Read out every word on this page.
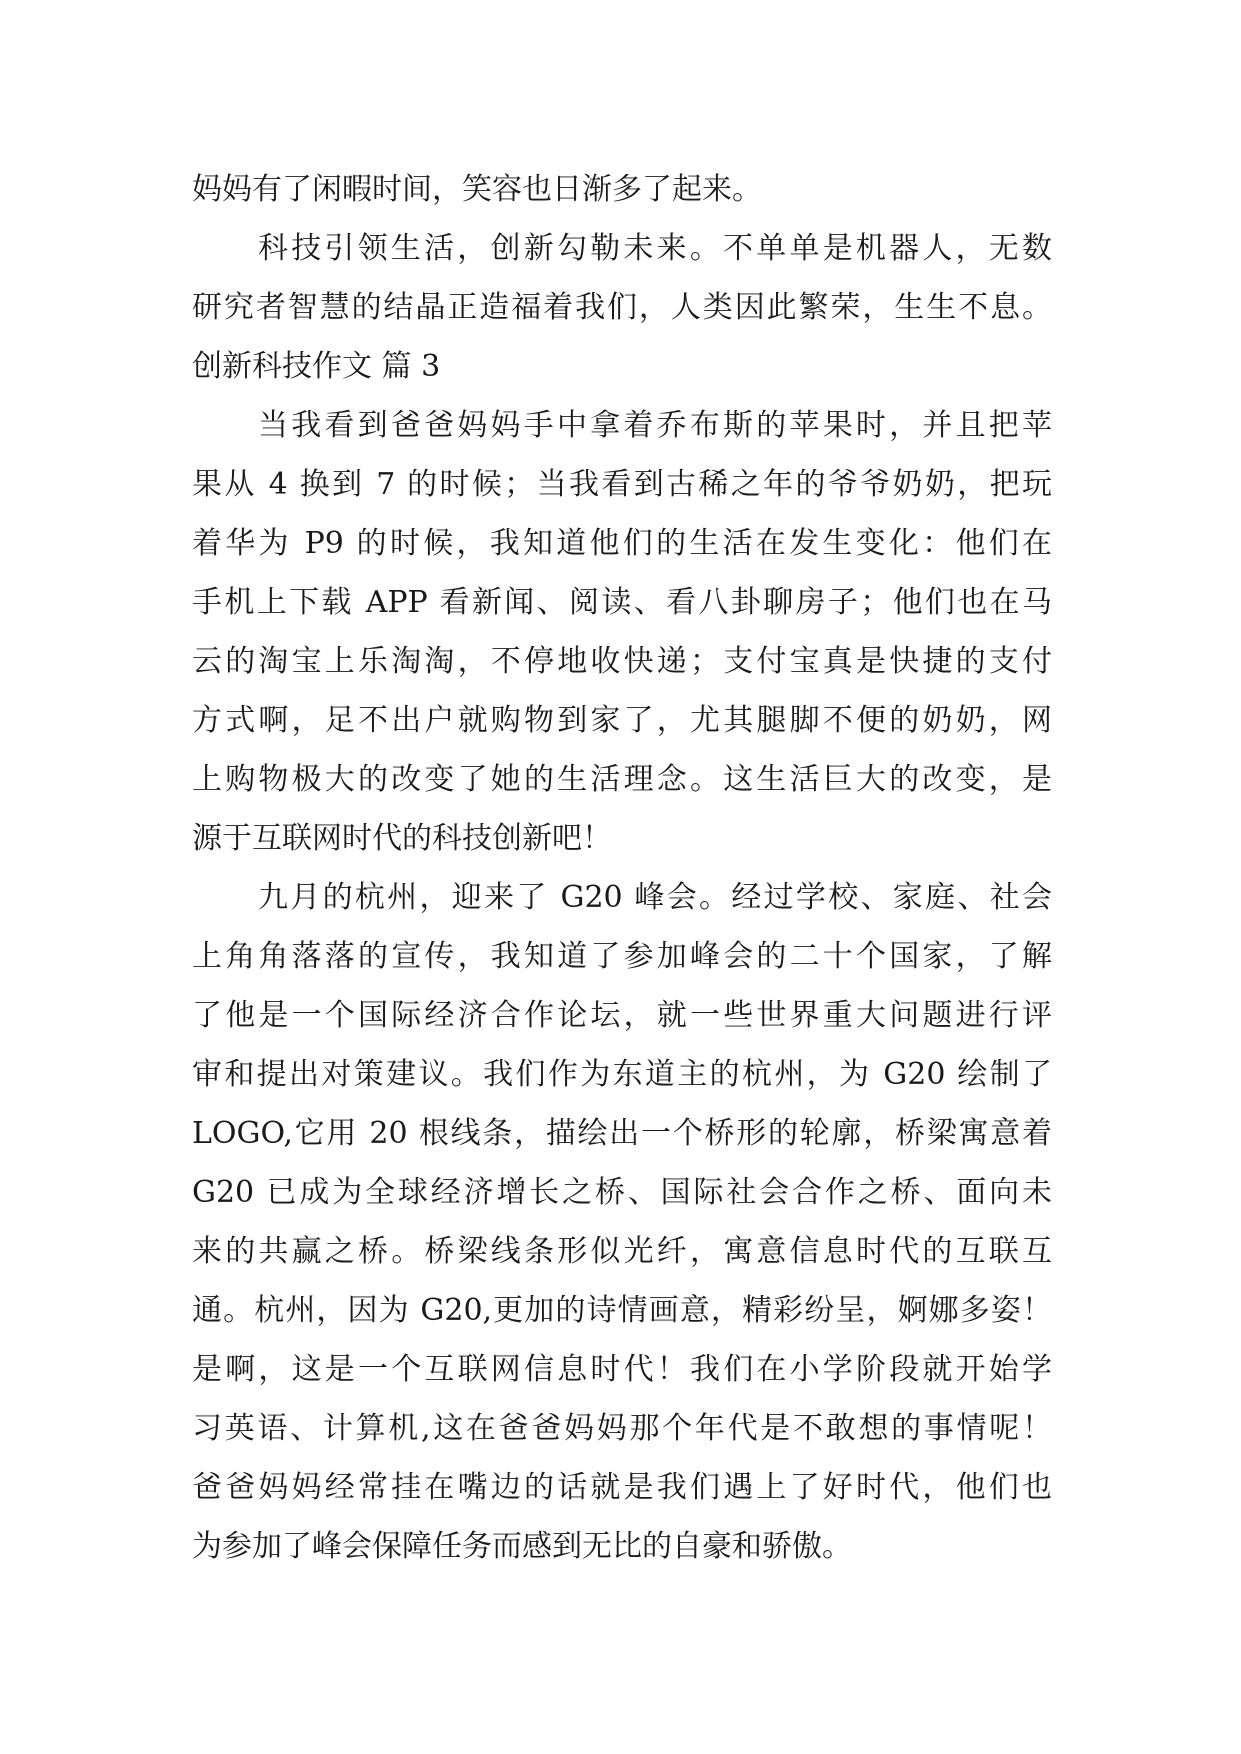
妈妈有了闲暇时间，笑容也日渐多了起来。
科技引领生活，创新勾勒未来。不单单是机器人，无数
研究者智慧的结晶正造福着我们，人类因此繁荣，生生不息。
创新科技作文 篇 3
当我看到爸爸妈妈手中拿着乔布斯的苹果时，并且把苹
果从 4 换到 7 的时候；当我看到古稀之年的爷爷奶奶，把玩
着华为 P9 的时候，我知道他们的生活在发生变化：他们在
手机上下载 APP 看新闻、阅读、看八卦聊房子；他们也在马
云的淘宝上乐淘淘，不停地收快递；支付宝真是快捷的支付
方式啊，足不出户就购物到家了，尤其腿脚不便的奶奶，网
上购物极大的改变了她的生活理念。这生活巨大的改变，是
源于互联网时代的科技创新吧！
九月的杭州，迎来了 G20 峰会。经过学校、家庭、社会
上角角落落的宣传，我知道了参加峰会的二十个国家，了解
了他是一个国际经济合作论坛，就一些世界重大问题进行评
审和提出对策建议。我们作为东道主的杭州，为 G20 绘制了
LOGO,它用 20 根线条，描绘出一个桥形的轮廓，桥梁寓意着
G20 已成为全球经济增长之桥、国际社会合作之桥、面向未
来的共赢之桥。桥梁线条形似光纤，寓意信息时代的互联互
通。杭州，因为 G20,更加的诗情画意，精彩纷呈，婀娜多姿！
是啊，这是一个互联网信息时代！我们在小学阶段就开始学
习英语、计算机,这在爸爸妈妈那个年代是不敢想的事情呢！
爸爸妈妈经常挂在嘴边的话就是我们遇上了好时代，他们也
为参加了峰会保障任务而感到无比的自豪和骄傲。
